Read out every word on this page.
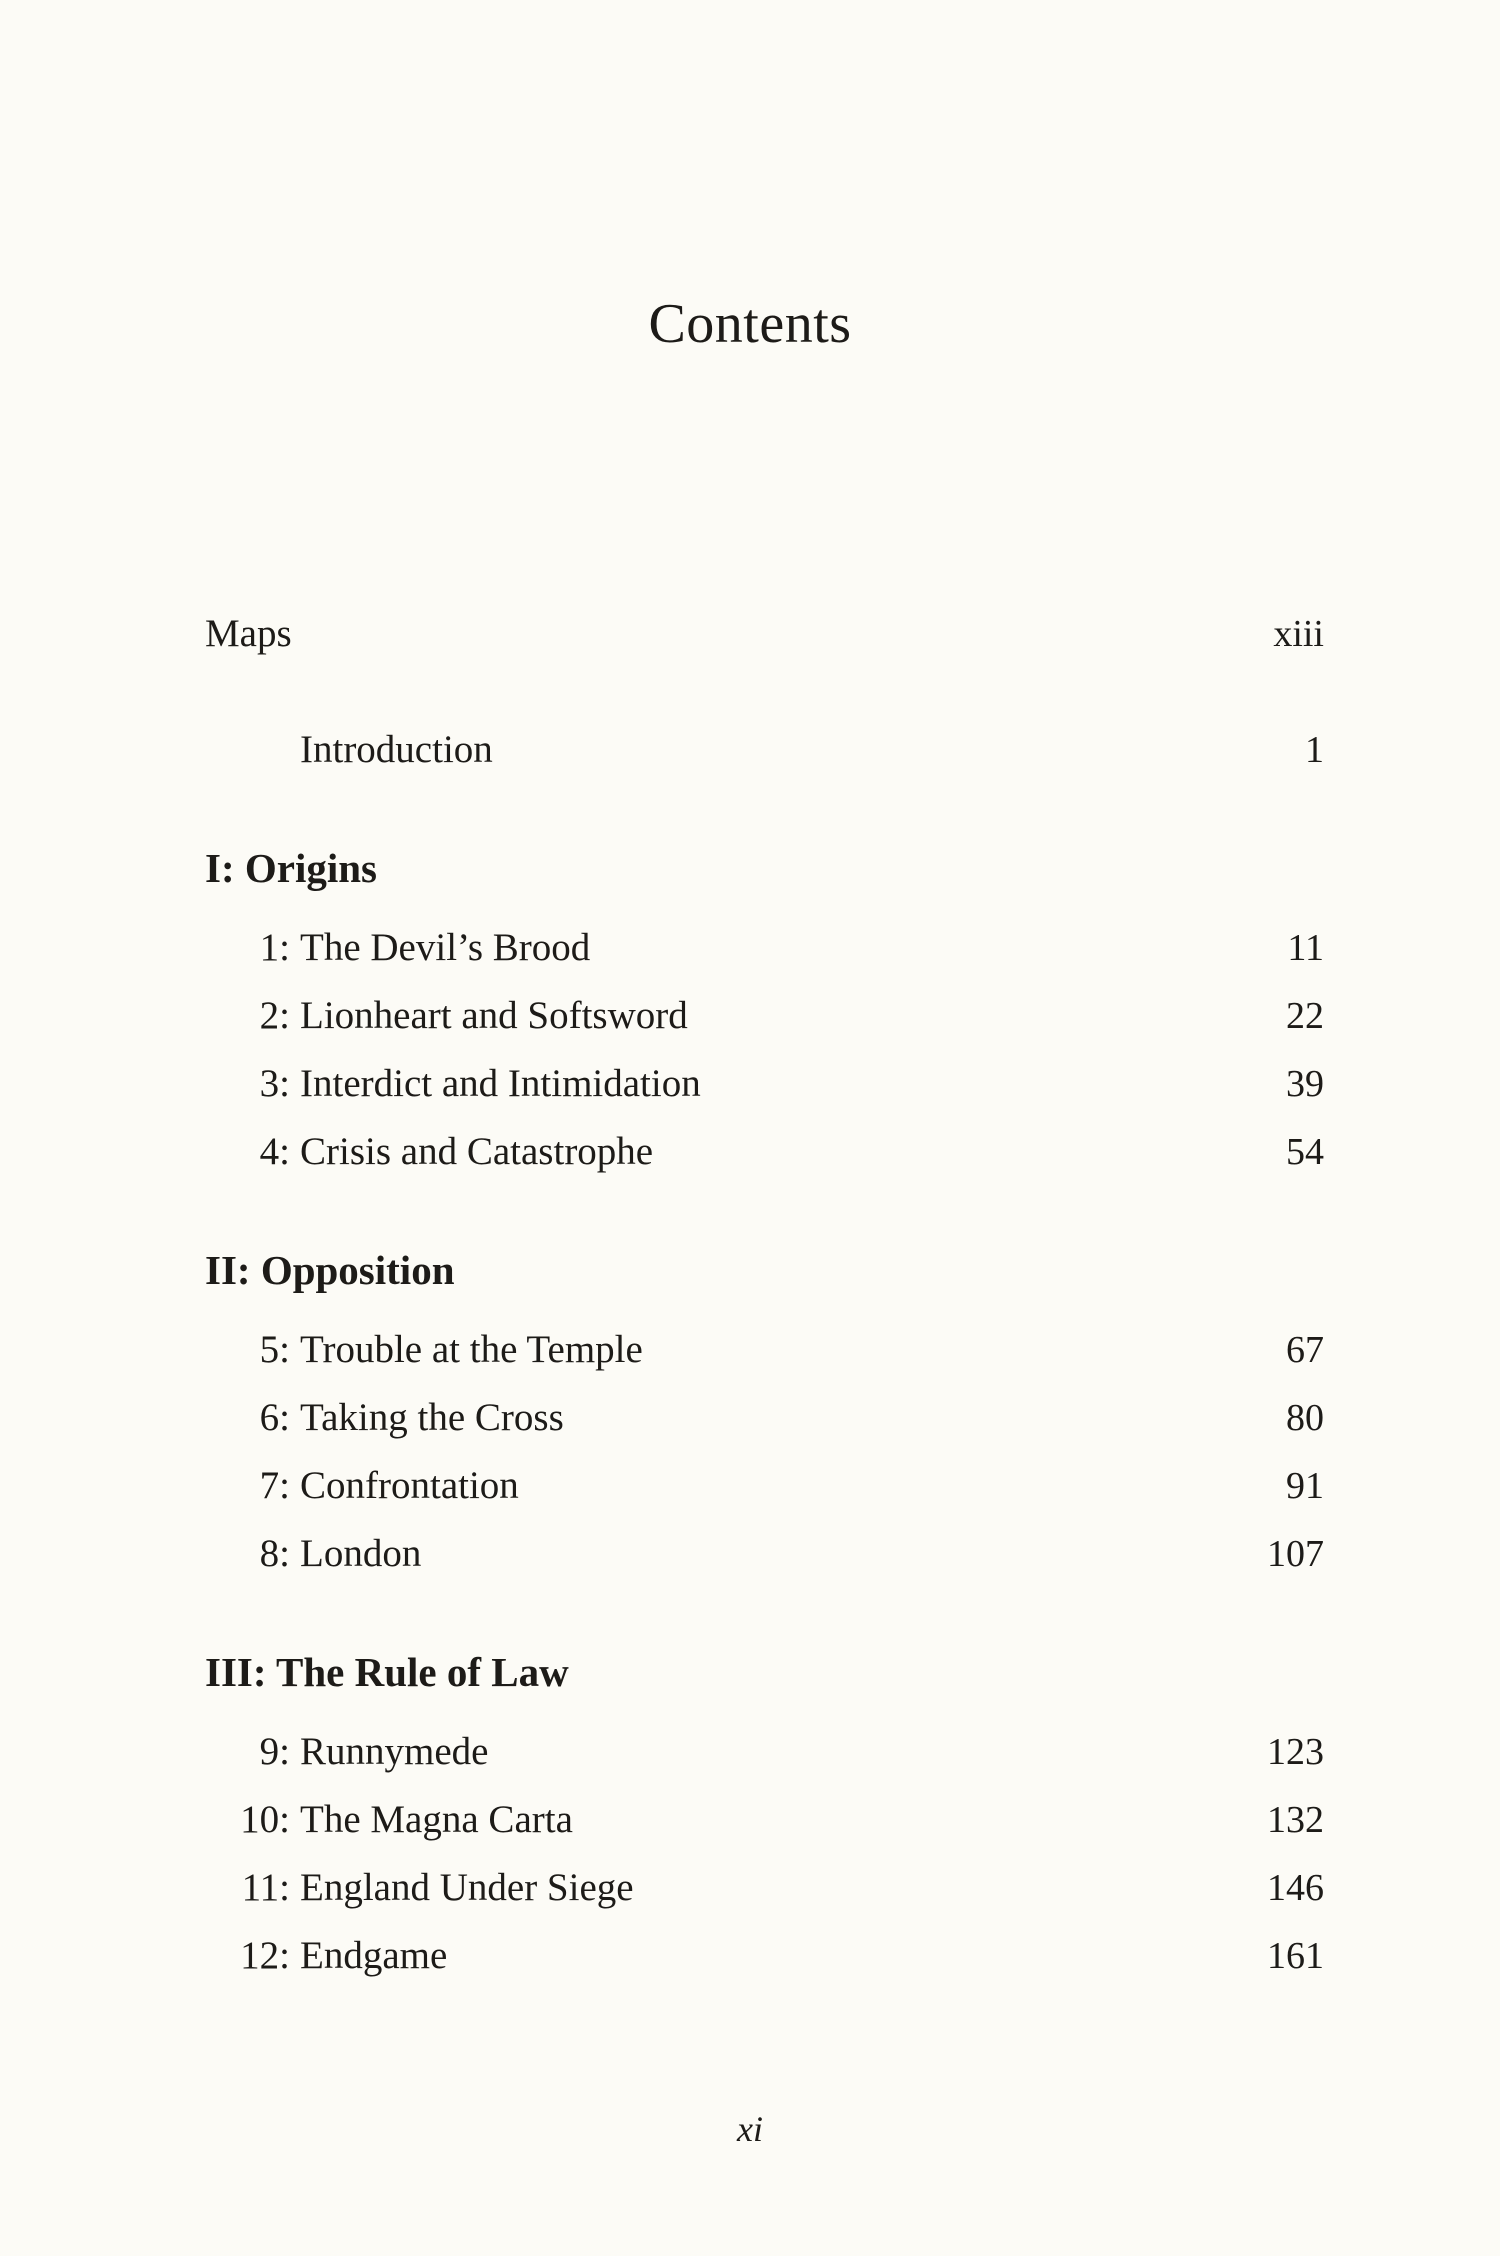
Contents
Maps	xiii
Introduction	1
I: Origins
1: The Devil’s Brood	11
2: Lionheart and Softsword	22
3: Interdict and Intimidation	39
4: Crisis and Catastrophe	54
II: Opposition
5: Trouble at the Temple	67
6: Taking the Cross	80
7: Confrontation	91
8: London	107
III: The Rule of Law
9: Runnymede	123
10: The Magna Carta	132
11: England Under Siege	146
12: Endgame	161
xi
